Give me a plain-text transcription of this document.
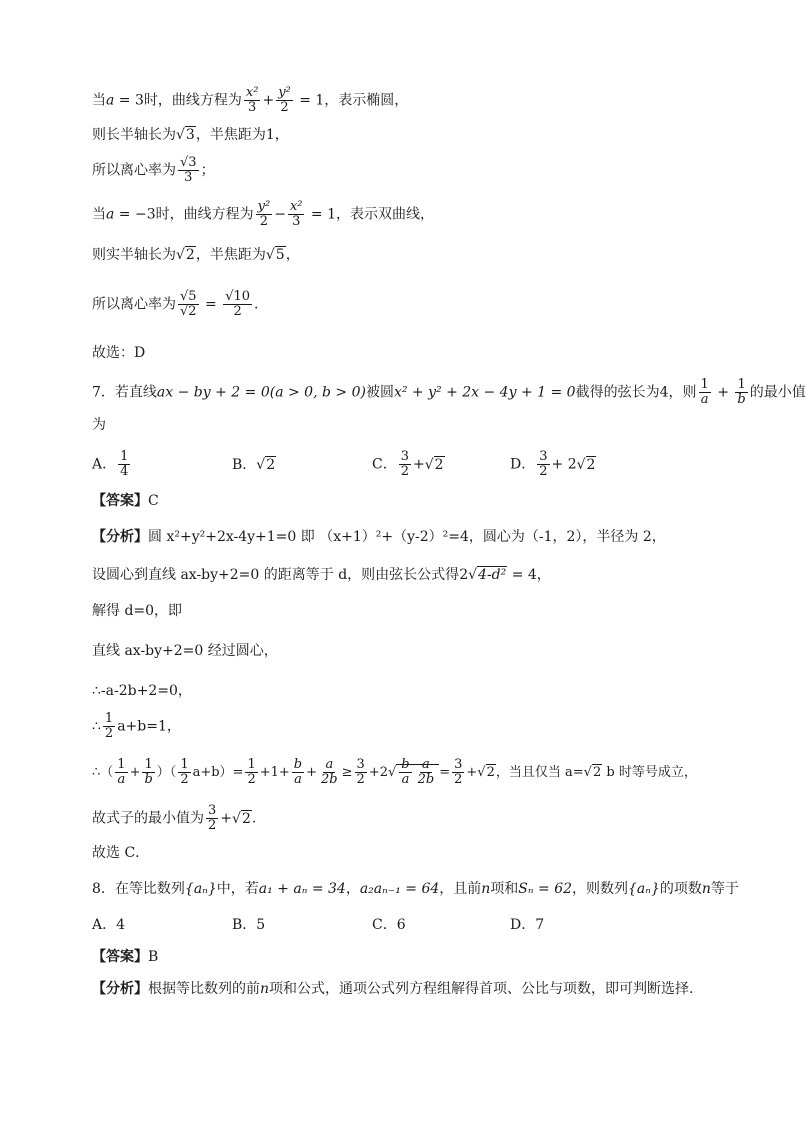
当a = 3时，曲线方程为 $\frac{\text{x²}}{3} + \frac{\text{y²}}{2} = 1$，表示椭圆，
则长半轴长为√3，半焦距为1，
所以离心率为 $\frac{√3}{3}$ ；
当a = −3时，曲线方程为 $\frac{\text{y²}}{2} - \frac{\text{x²}}{3} = 1$，表示双曲线，
则实半轴长为√2，半焦距为√5，
所以离心率为 $\frac{√5}{√2} = \frac{√10}{2}$ .
故选：D
7．若直线ax − by + 2 = 0(a > 0, b > 0)被圆x² + y² + 2x − 4y + 1 = 0截得的弦长为4，则 $\frac{1}{a} + \frac{1}{b}$ 的最小值
为
A． $\frac{1}{4}$	B．√2	C． $\frac{3}{2} +√2$	D． $\frac{3}{2} + 2√2$
【答案】C
【分析】圆 x²+y²+2x-4y+1=0 即 （x+1）²+（y-2）²=4，圆心为（-1，2），半径为 2，
设圆心到直线 ax-by+2=0 的距离等于 d，则由弦长公式得2√4-d² = 4，
解得 d=0，即
直线 ax-by+2=0 经过圆心，
∴-a-2b+2=0，
∴ $\frac{1}{2} a+b=1$，
∴（ $\frac{1}{a} + \frac{1}{b}$ ）（ $\frac{1}{2} a+b)= \frac{1}{2} +1+ \frac{b}{a} + \frac{a}{2b} \ge \frac{3}{2} +2√ \frac{b}{a} \frac{a}{2b} = \frac{3}{2} +√2$，当且仅当 a=√2 b 时等号成立，
故式子的最小值为 $\frac{3}{2} +√2$.
故选 C．
8．在等比数列{aₙ}中，若a₁ + aₙ = 34，a₂aₙ₋₁ = 64，且前n项和Sₙ = 62，则数列{aₙ}的项数n等于
A．4	B．5	C．6	D．7
【答案】B
【分析】根据等比数列的前n项和公式，通项公式列方程组解得首项、公比与项数，即可判断选择.
